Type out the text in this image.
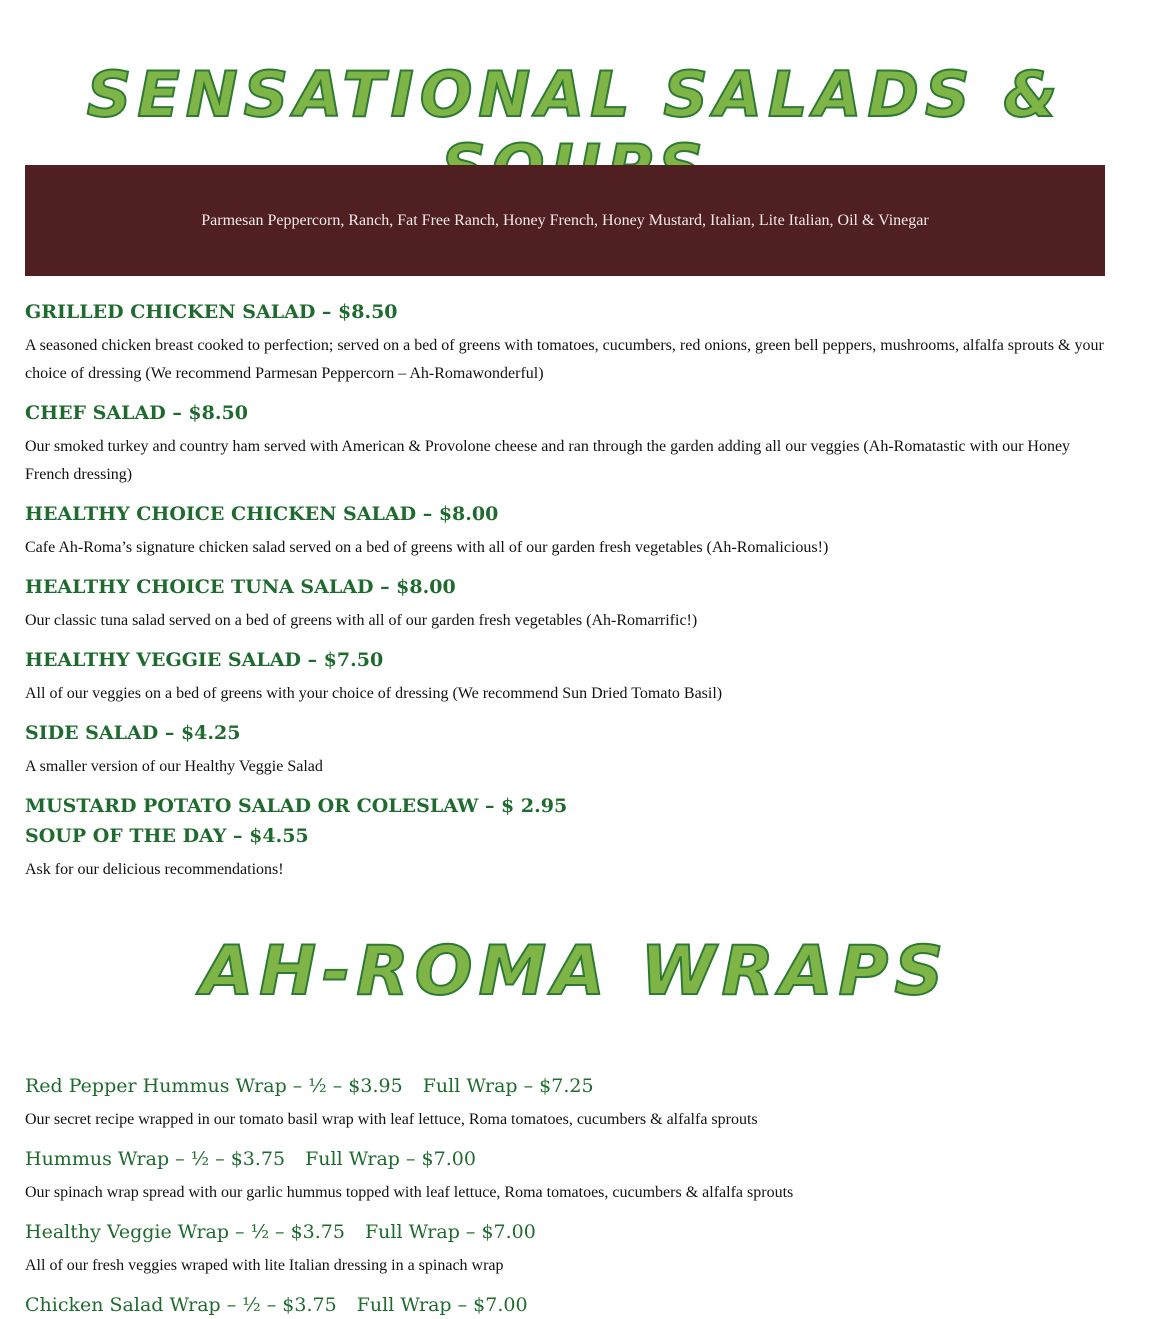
SENSATIONAL SALADS &
Parmesan Peppercorn, Ranch, Fat Free Ranch, Honey French, Honey Mustard, Italian, Lite Italian, Oil & Vinegar
GRILLED CHICKEN SALAD – $8.50

A seasoned chicken breast cooked to perfection; served on a bed of greens with tomatoes, cucumbers, red onions, green bell peppers, mushrooms, alfalfa sprouts & your choice of dressing (We recommend Parmesan Peppercorn – Ah-Romawonderful)

CHEF SALAD – $8.50

Our smoked turkey and country ham served with American & Provolone cheese and ran through the garden adding all our veggies (Ah-Romatastic with our Honey French dressing)

HEALTHY CHOICE CHICKEN SALAD – $8.00

Cafe Ah-Roma’s signature chicken salad served on a bed of greens with all of our garden fresh vegetables (Ah-Romalicious!)

HEALTHY CHOICE TUNA SALAD – $8.00

Our classic tuna salad served on a bed of greens with all of our garden fresh vegetables (Ah-Romarrific!)

HEALTHY VEGGIE SALAD – $7.50

All of our veggies on a bed of greens with your choice of dressing (We recommend Sun Dried Tomato Basil)

SIDE SALAD – $4.25

A smaller version of our Healthy Veggie Salad

MUSTARD POTATO SALAD OR COLESLAW – $ 2.95
SOUP OF THE DAY – $4.55

Ask for our delicious recommendations!

AH-ROMA WRAPS
Red Pepper Hummus Wrap – ½ – $3.95 Full Wrap – $7.25

Our secret recipe wrapped in our tomato basil wrap with leaf lettuce, Roma tomatoes, cucumbers & alfalfa sprouts

Hummus Wrap – ½ – $3.75 Full Wrap – $7.00

Our spinach wrap spread with our garlic hummus topped with leaf lettuce, Roma tomatoes, cucumbers & alfalfa sprouts

Healthy Veggie Wrap – ½ – $3.75 Full Wrap – $7.00

All of our fresh veggies wraped with lite Italian dressing in a spinach wrap

Chicken Salad Wrap – ½ – $3.75 Full Wrap – $7.00
